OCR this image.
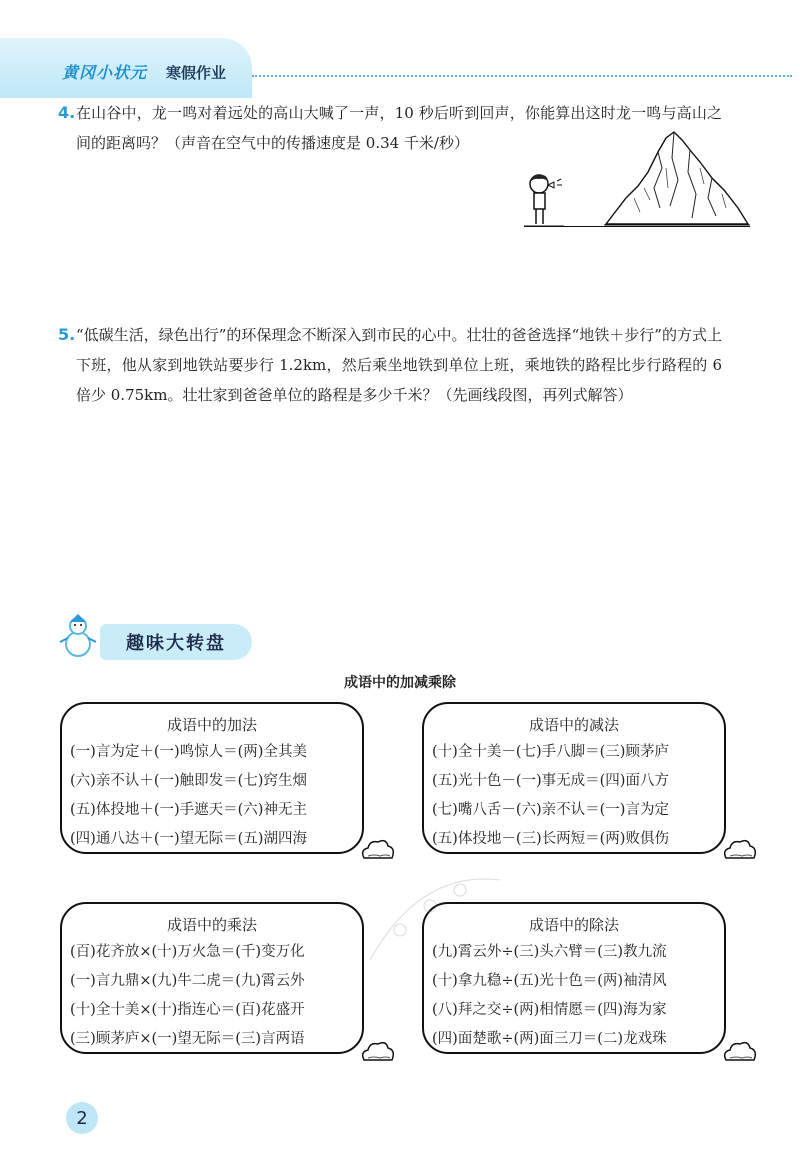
黄冈小状元 寒假作业
4. 在山谷中，龙一鸣对着远处的高山大喊了一声，10 秒后听到回声，你能算出这时龙一鸣与高山之间的距离吗？（声音在空气中的传播速度是 0.34 千米/秒）
5. “低碳生活，绿色出行”的环保理念不断深入到市民的心中。壮壮的爸爸选择“地铁＋步行”的方式上下班，他从家到地铁站要步行 1.2km，然后乘坐地铁到单位上班，乘地铁的路程比步行路程的 6 倍少 0.75km。壮壮家到爸爸单位的路程是多少千米？（先画线段图，再列式解答）
趣味大转盘
成语中的加减乘除
成语中的加法
(一)言为定＋(一)鸣惊人＝(两)全其美
(六)亲不认＋(一)触即发＝(七)窍生烟
(五)体投地＋(一)手遮天＝(六)神无主
(四)通八达＋(一)望无际＝(五)湖四海
成语中的减法
(十)全十美－(七)手八脚＝(三)顾茅庐
(五)光十色－(一)事无成＝(四)面八方
(七)嘴八舌－(六)亲不认＝(一)言为定
(五)体投地－(三)长两短＝(两)败俱伤
成语中的乘法
(百)花齐放×(十)万火急＝(千)变万化
(一)言九鼎×(九)牛二虎＝(九)霄云外
(十)全十美×(十)指连心＝(百)花盛开
(三)顾茅庐×(一)望无际＝(三)言两语
成语中的除法
(九)霄云外÷(三)头六臂＝(三)教九流
(十)拿九稳÷(五)光十色＝(两)袖清风
(八)拜之交÷(两)相情愿＝(四)海为家
(四)面楚歌÷(两)面三刀＝(二)龙戏珠
2
